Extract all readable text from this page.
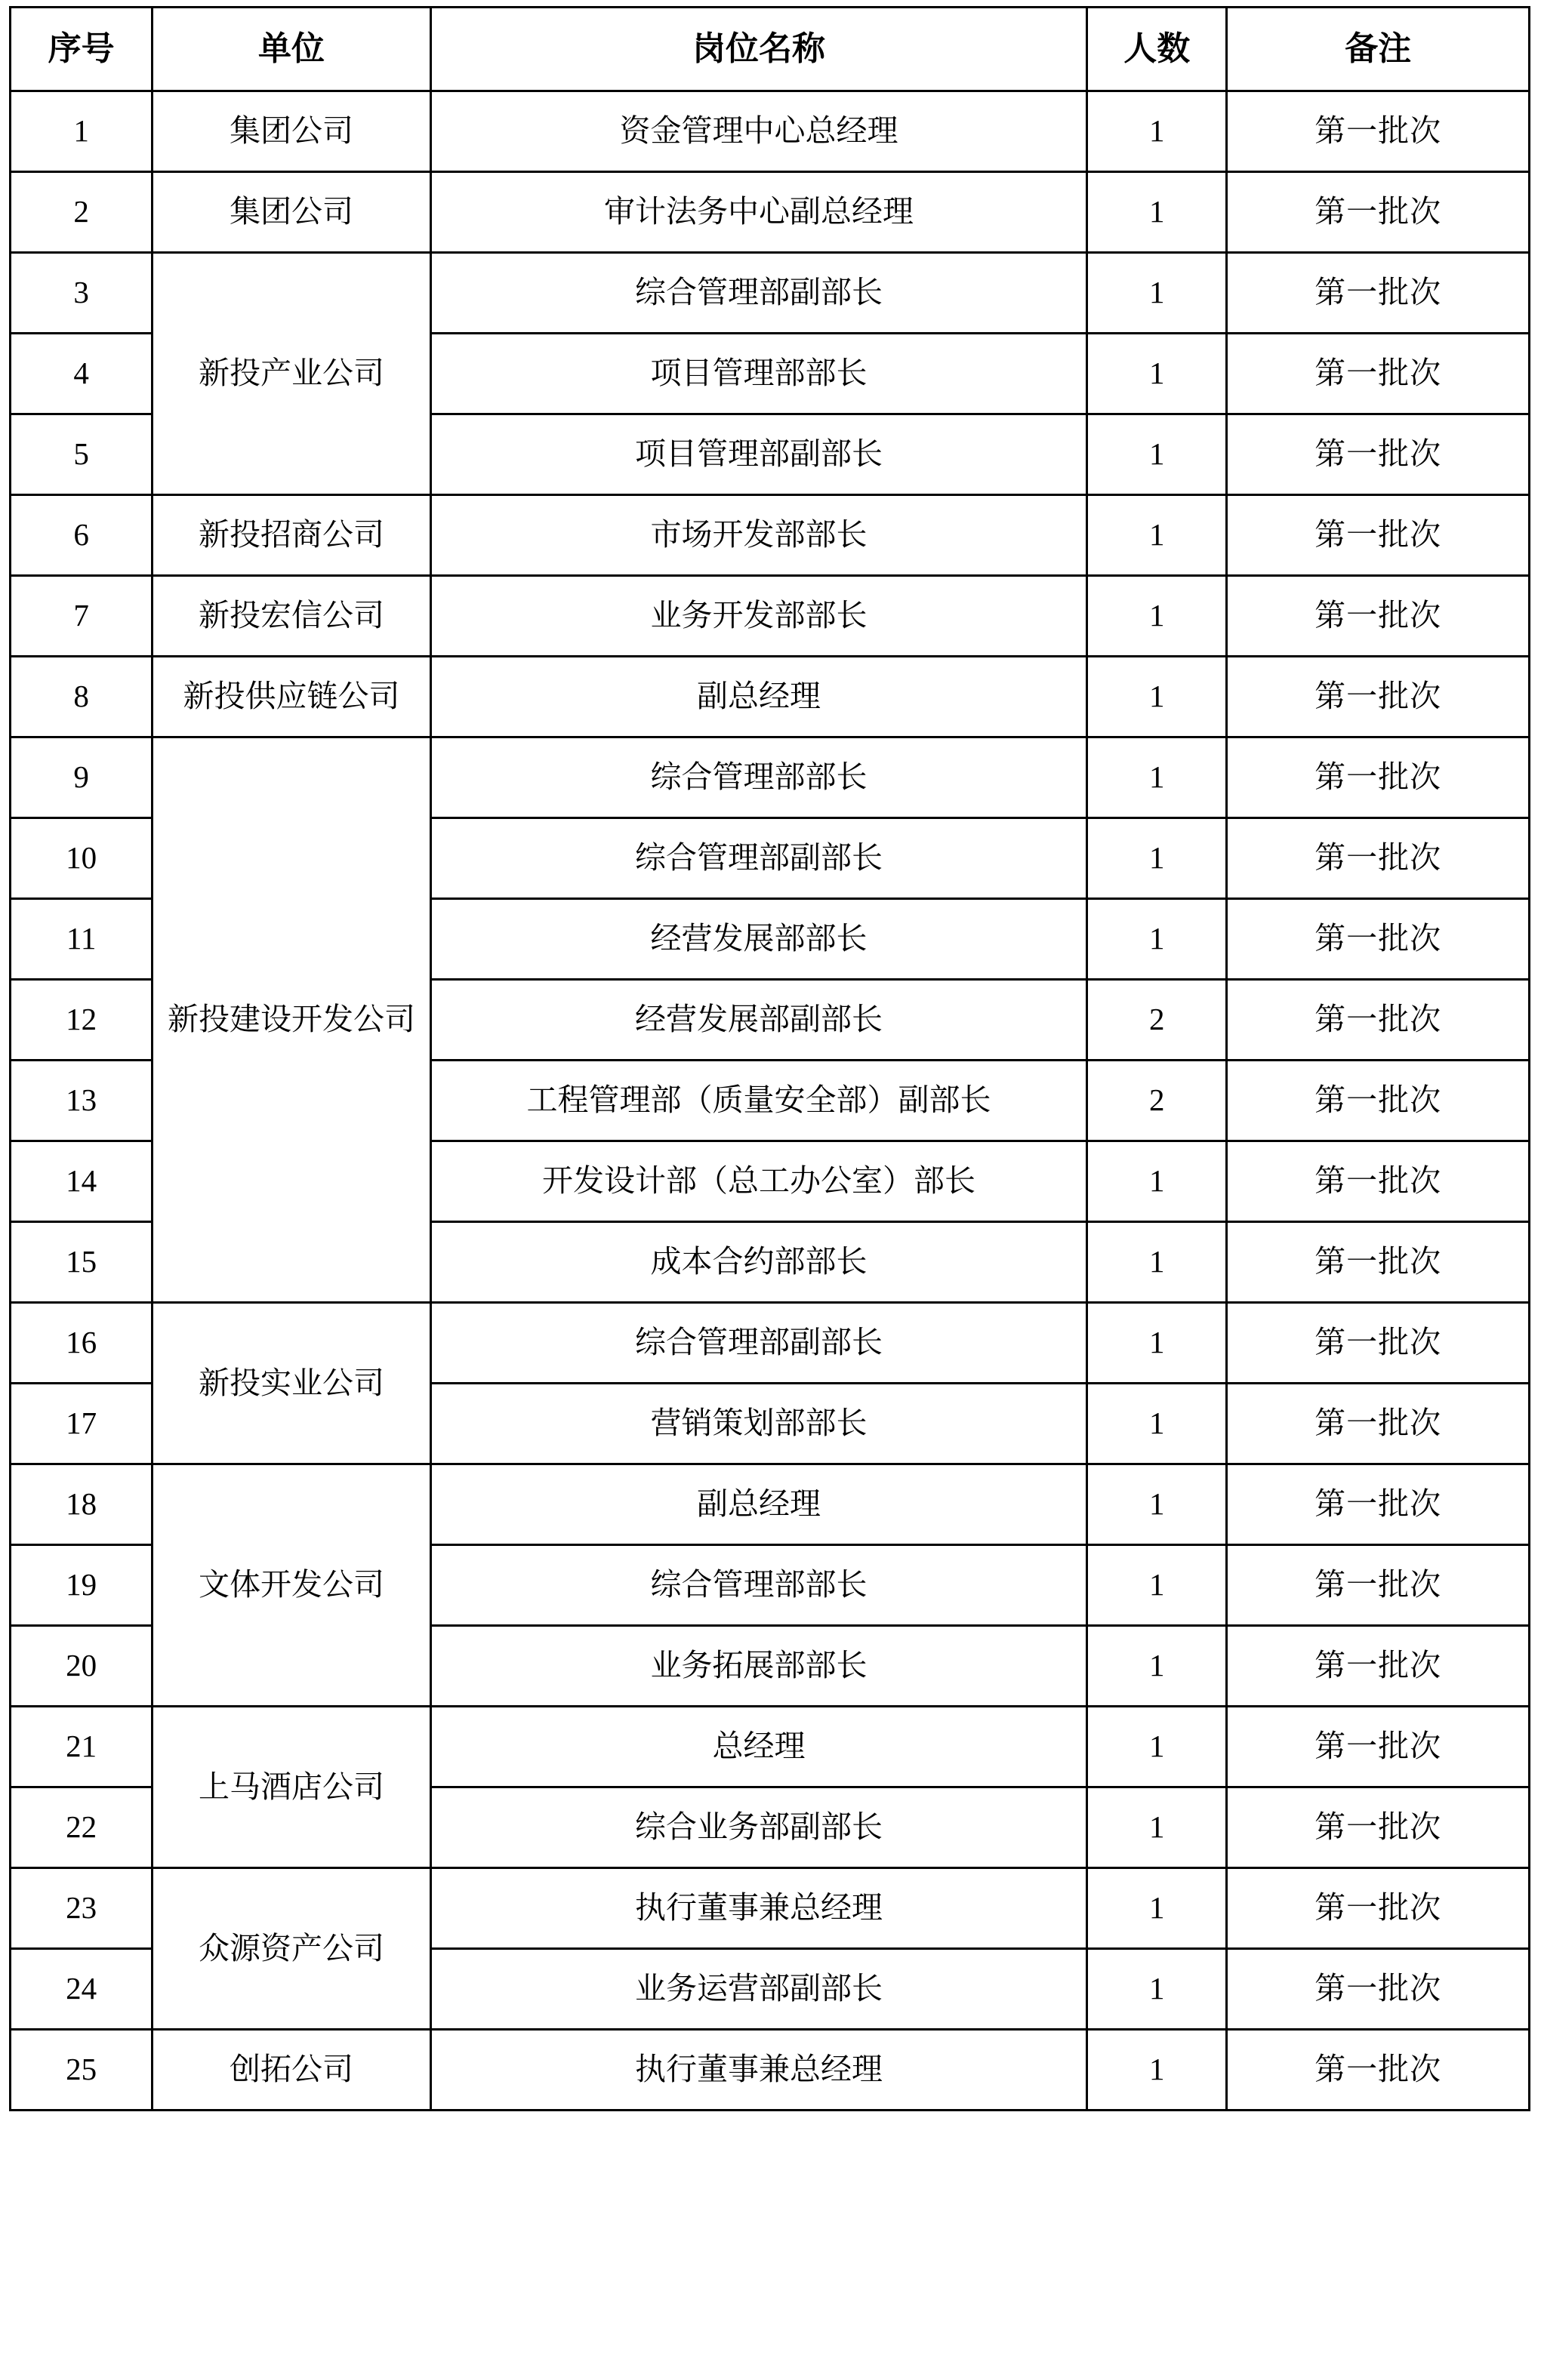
序号	单位	岗位名称	人数	备注
1	集团公司	资金管理中心总经理	1	第一批次
2	集团公司	审计法务中心副总经理	1	第一批次
3	新投产业公司	综合管理部副部长	1	第一批次
4		项目管理部部长	1	第一批次
5		项目管理部副部长	1	第一批次
6	新投招商公司	市场开发部部长	1	第一批次
7	新投宏信公司	业务开发部部长	1	第一批次
8	新投供应链公司	副总经理	1	第一批次
9	新投建设开发公司	综合管理部部长	1	第一批次
10		综合管理部副部长	1	第一批次
11		经营发展部部长	1	第一批次
12		经营发展部副部长	2	第一批次
13		工程管理部（质量安全部）副部长	2	第一批次
14		开发设计部（总工办公室）部长	1	第一批次
15		成本合约部部长	1	第一批次
16	新投实业公司	综合管理部副部长	1	第一批次
17		营销策划部部长	1	第一批次
18	文体开发公司	副总经理	1	第一批次
19		综合管理部部长	1	第一批次
20		业务拓展部部长	1	第一批次
21	上马酒店公司	总经理	1	第一批次
22		综合业务部副部长	1	第一批次
23	众源资产公司	执行董事兼总经理	1	第一批次
24		业务运营部副部长	1	第一批次
25	创拓公司	执行董事兼总经理	1	第一批次
